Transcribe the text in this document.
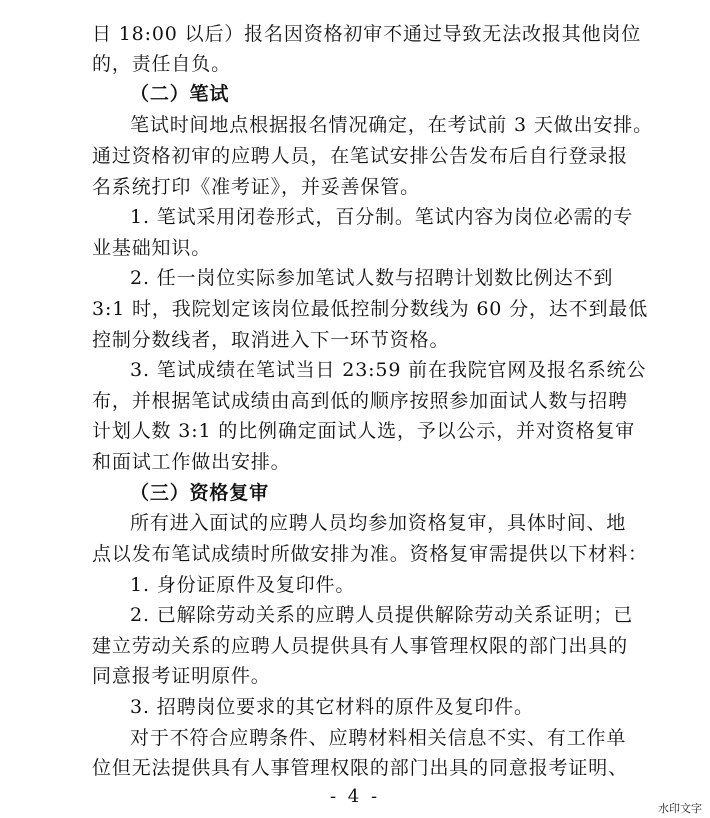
日 18:00 以后）报名因资格初审不通过导致无法改报其他岗位
的，责任自负。
（二）笔试
笔试时间地点根据报名情况确定，在考试前 3 天做出安排。
通过资格初审的应聘人员，在笔试安排公告发布后自行登录报
名系统打印《准考证》，并妥善保管。
1. 笔试采用闭卷形式，百分制。笔试内容为岗位必需的专
业基础知识。
2. 任一岗位实际参加笔试人数与招聘计划数比例达不到
3:1 时，我院划定该岗位最低控制分数线为 60 分，达不到最低
控制分数线者，取消进入下一环节资格。
3. 笔试成绩在笔试当日 23:59 前在我院官网及报名系统公
布，并根据笔试成绩由高到低的顺序按照参加面试人数与招聘
计划人数 3:1 的比例确定面试人选，予以公示，并对资格复审
和面试工作做出安排。
（三）资格复审
所有进入面试的应聘人员均参加资格复审，具体时间、地
点以发布笔试成绩时所做安排为准。资格复审需提供以下材料：
1. 身份证原件及复印件。
2. 已解除劳动关系的应聘人员提供解除劳动关系证明；已
建立劳动关系的应聘人员提供具有人事管理权限的部门出具的
同意报考证明原件。
3. 招聘岗位要求的其它材料的原件及复印件。
对于不符合应聘条件、应聘材料相关信息不实、有工作单
位但无法提供具有人事管理权限的部门出具的同意报考证明、
- 4 -
水印文字
